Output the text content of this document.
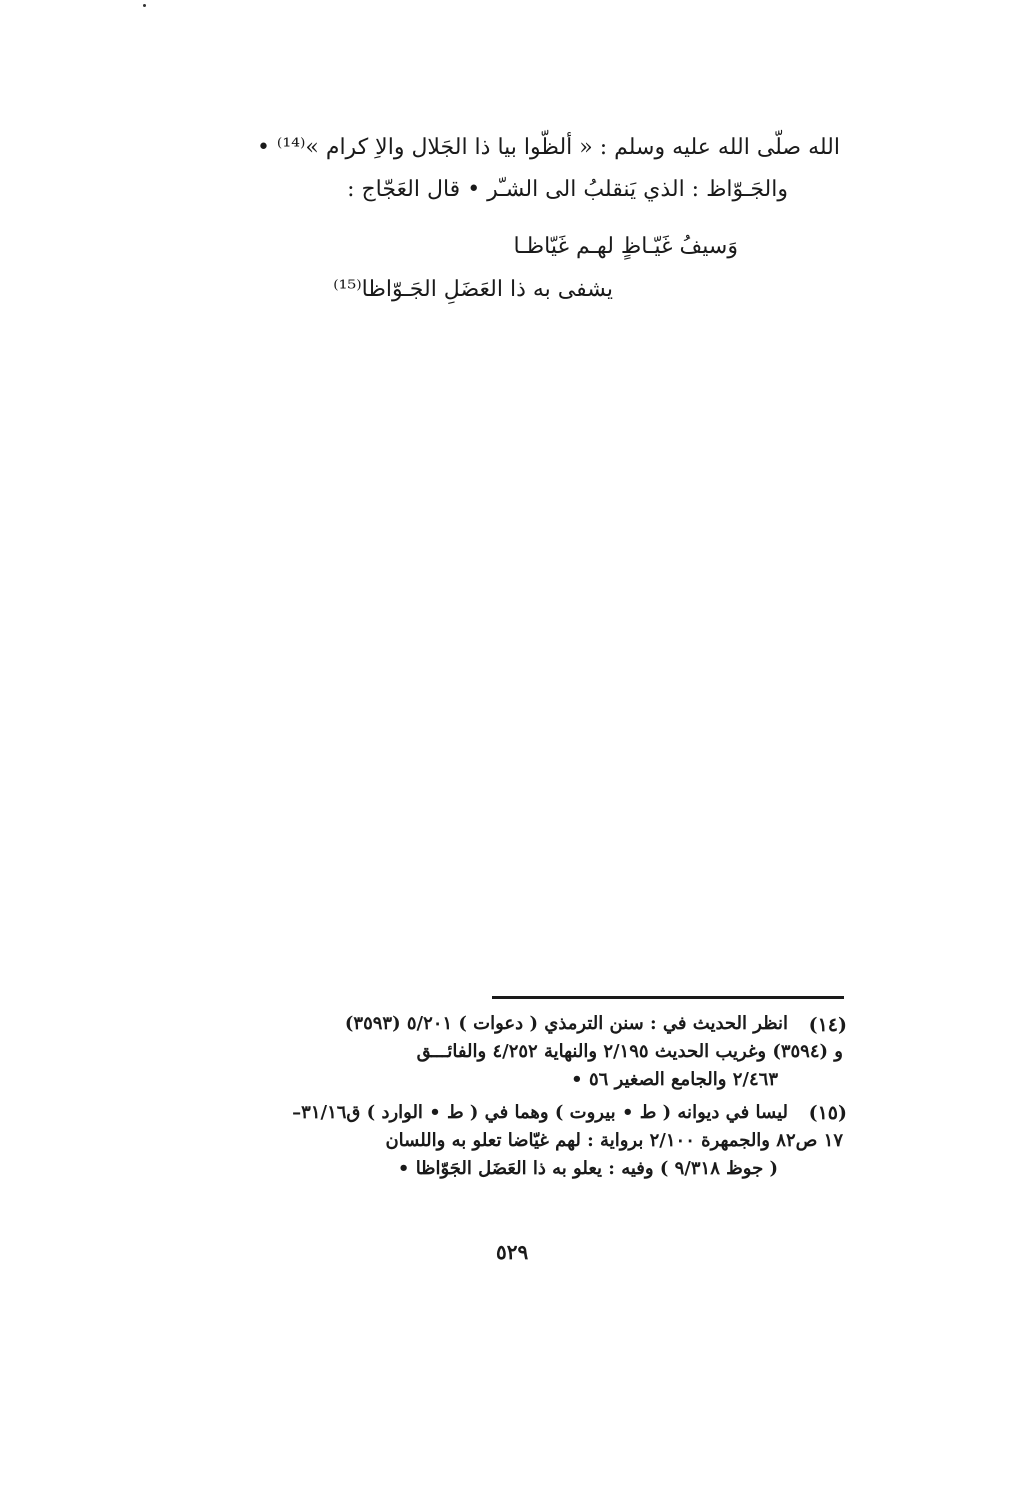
الله صلّى الله عليه وسلم : « ألظّوا بيا ذا الجَلال والاِ كرام »⁽¹⁴⁾ •
والجَـوّاظ : الذي يَنقلبُ الى الشـّر • قال العَجّاج :
وَسيفُ غَيّـاظٍ لهـم غَيّاظـا
يشفى به ذا العَضَلِ الجَـوّاظا⁽¹⁵⁾
(١٤)
انظر الحديث في : سنن الترمذي ( دعوات ) ٥/٢٠١ (٣٥٩٣)
و (٣٥٩٤) وغريب الحديث ٢/١٩٥ والنهاية ٤/٢٥٢ والفائـــق
٢/٤٦٣ والجامع الصغير ٥٦ •
(١٥)
ليسا في ديوانه ( ط • بيروت ) وهما في ( ط • الوارد ) ق٣١/١٦–
١٧ ص٨٢ والجمهرة ٢/١٠٠ برواية : لهم غيّاضا تعلو به واللسان
( جوظ ٩/٣١٨ ) وفيه : يعلو به ذا العَضَل الجَوّاظا •
٥٢٩
